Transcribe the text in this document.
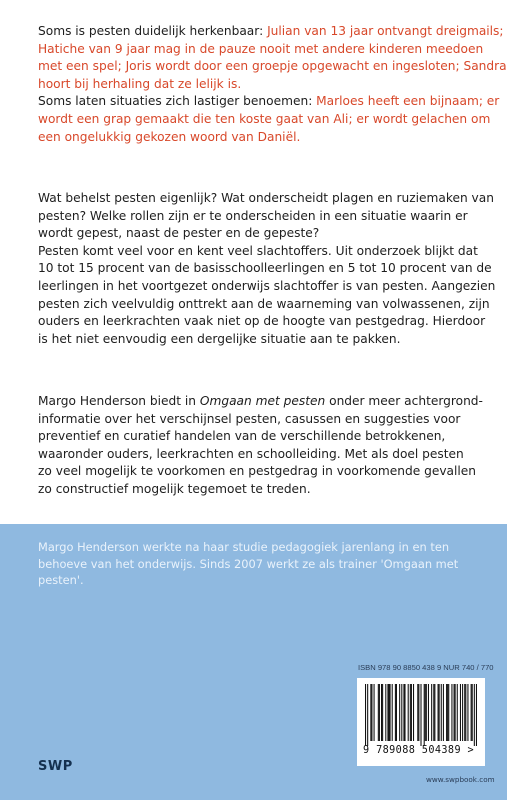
Soms is pesten duidelijk herkenbaar: Julian van 13 jaar ontvangt dreigmails;
Hatiche van 9 jaar mag in de pauze nooit met andere kinderen meedoen
met een spel; Joris wordt door een groepje opgewacht en ingesloten; Sandra
hoort bij herhaling dat ze lelijk is.
Soms laten situaties zich lastiger benoemen: Marloes heeft een bijnaam; er
wordt een grap gemaakt die ten koste gaat van Ali; er wordt gelachen om
een ongelukkig gekozen woord van Daniël.
Wat behelst pesten eigenlijk? Wat onderscheidt plagen en ruziemaken van
pesten? Welke rollen zijn er te onderscheiden in een situatie waarin er
wordt gepest, naast de pester en de gepeste?
Pesten komt veel voor en kent veel slachtoffers. Uit onderzoek blijkt dat
10 tot 15 procent van de basisschoolleerlingen en 5 tot 10 procent van de
leerlingen in het voortgezet onderwijs slachtoffer is van pesten. Aangezien
pesten zich veelvuldig onttrekt aan de waarneming van volwassenen, zijn
ouders en leerkrachten vaak niet op de hoogte van pestgedrag. Hierdoor
is het niet eenvoudig een dergelijke situatie aan te pakken.
Margo Henderson biedt in Omgaan met pesten onder meer achtergrond-
informatie over het verschijnsel pesten, casussen en suggesties voor
preventief en curatief handelen van de verschillende betrokkenen,
waaronder ouders, leerkrachten en schoolleiding. Met als doel pesten
zo veel mogelijk te voorkomen en pestgedrag in voorkomende gevallen
zo constructief mogelijk tegemoet te treden.
Margo Henderson werkte na haar studie pedagogiek jarenlang in en ten
behoeve van het onderwijs. Sinds 2007 werkt ze als trainer 'Omgaan met
pesten'.

ISBN 978 90 8850 438 9 NUR 740 / 770

9 789088 504389 >

SWP

www.swpbook.com
